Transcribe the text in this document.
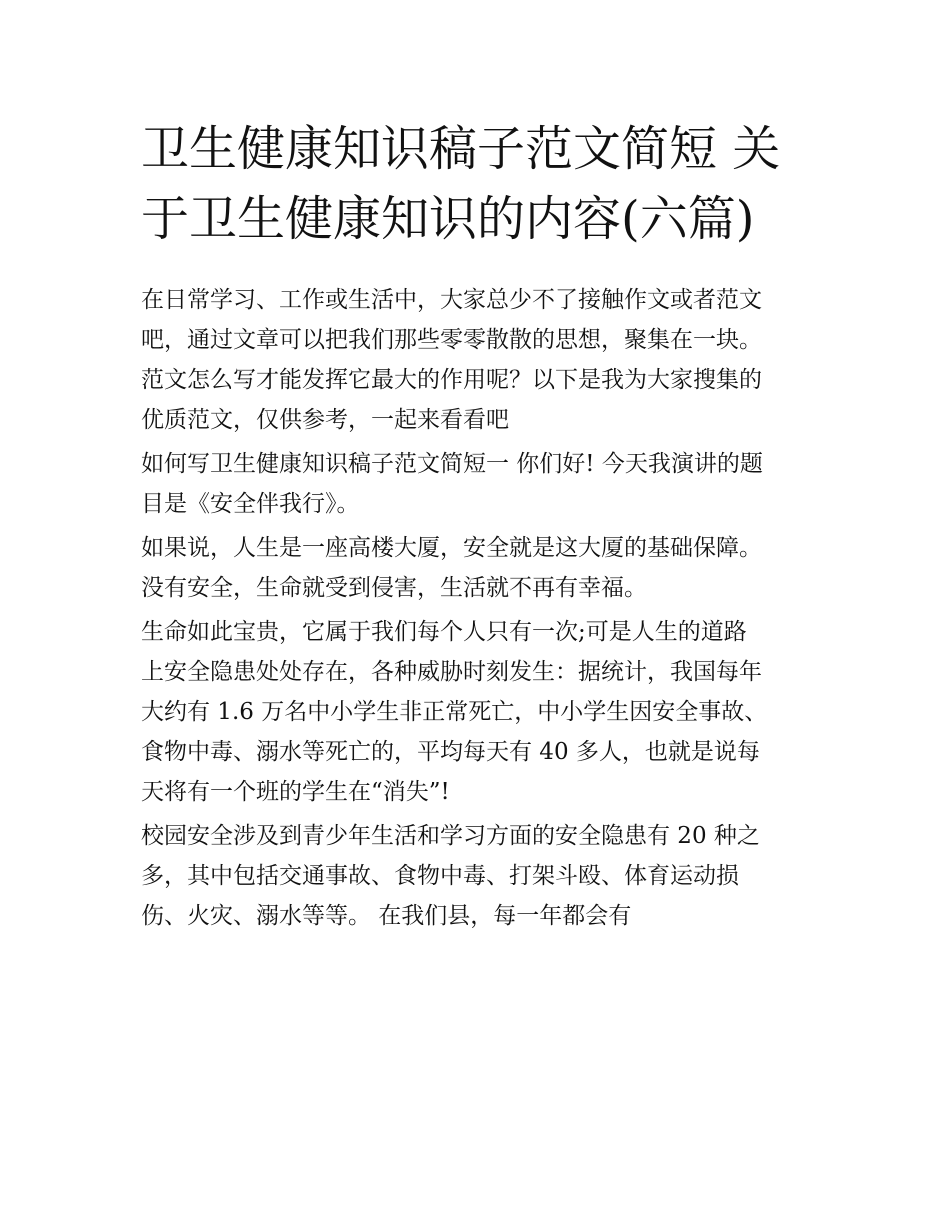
卫生健康知识稿子范文简短 关
于卫生健康知识的内容(六篇)

在日常学习、工作或生活中，大家总少不了接触作文或者范文
吧，通过文章可以把我们那些零零散散的思想，聚集在一块。
范文怎么写才能发挥它最大的作用呢？以下是我为大家搜集的
优质范文，仅供参考，一起来看看吧

如何写卫生健康知识稿子范文简短一 你们好! 今天我演讲的题
目是《安全伴我行》。

如果说，人生是一座高楼大厦，安全就是这大厦的基础保障。
没有安全，生命就受到侵害，生活就不再有幸福。

生命如此宝贵，它属于我们每个人只有一次;可是人生的道路
上安全隐患处处存在，各种威胁时刻发生：据统计，我国每年
大约有 1.6 万名中小学生非正常死亡，中小学生因安全事故、
食物中毒、溺水等死亡的，平均每天有 40 多人，也就是说每
天将有一个班的学生在“消失”!

校园安全涉及到青少年生活和学习方面的安全隐患有 20 种之
多，其中包括交通事故、食物中毒、打架斗殴、体育运动损
伤、火灾、溺水等等。 在我们县，每一年都会有
